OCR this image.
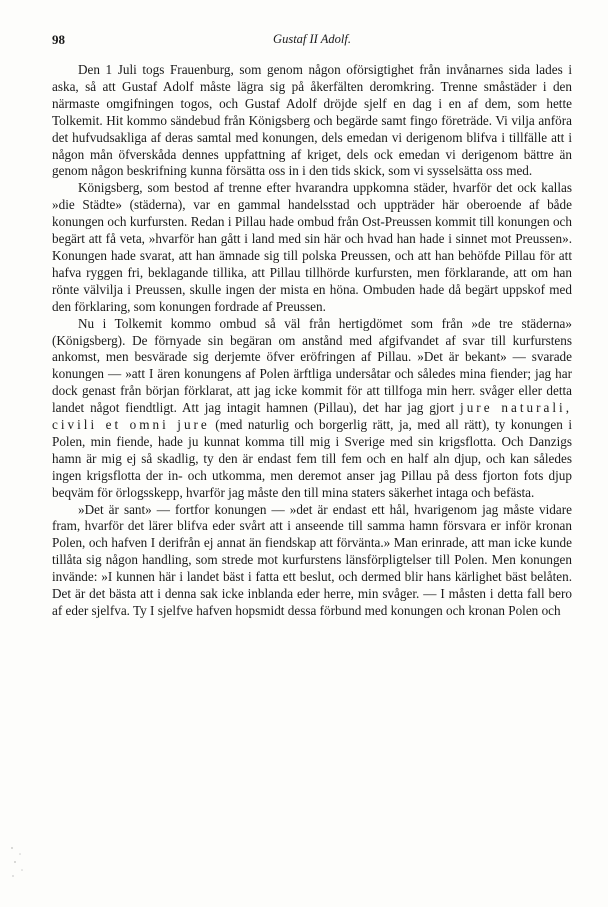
98	Gustaf II Adolf.

Den 1 Juli togs Frauenburg, som genom någon oförsigtighet från invånarnes sida lades i aska, så att Gustaf Adolf måste lägra sig på åkerfälten deromkring. Trenne småstäder i den närmaste omgifningen togos, och Gustaf Adolf dröjde sjelf en dag i en af dem, som hette Tolkemit. Hit kommo sändebud från Königsberg och begärde samt fingo företräde. Vi vilja anföra det hufvudsakliga af deras samtal med konungen, dels emedan vi derigenom blifva i tillfälle att i någon mån öfverskåda dennes uppfattning af kriget, dels ock emedan vi derigenom bättre än genom någon beskrifning kunna försätta oss in i den tids skick, som vi sysselsätta oss med.

Königsberg, som bestod af trenne efter hvarandra uppkomna städer, hvarför det ock kallas »die Städte» (städerna), var en gammal handelsstad och uppträder här oberoende af både konungen och kurfursten. Redan i Pillau hade ombud från Ost-Preussen kommit till konungen och begärt att få veta, »hvarför han gått i land med sin här och hvad han hade i sinnet mot Preussen». Konungen hade svarat, att han ämnade sig till polska Preussen, och att han behöfde Pillau för att hafva ryggen fri, beklagande tillika, att Pillau tillhörde kurfursten, men förklarande, att om han rönte välvilja i Preussen, skulle ingen der mista en höna. Ombuden hade då begärt uppskof med den förklaring, som konungen fordrade af Preussen.

Nu i Tolkemit kommo ombud så väl från hertigdömet som från »de tre städerna» (Königsberg). De förnyade sin begäran om anstånd med afgifvandet af svar till kurfurstens ankomst, men besvärade sig derjemte öfver eröfringen af Pillau. »Det är bekant» — svarade konungen — »att I ären konungens af Polen ärftliga undersåtar och således mina fiender; jag har dock genast från början förklarat, att jag icke kommit för att tillfoga min herr. svåger eller detta landet något fiendtligt. Att jag intagit hamnen (Pillau), det har jag gjort jure naturali, civili et omni jure (med naturlig och borgerlig rätt, ja, med all rätt), ty konungen i Polen, min fiende, hade ju kunnat komma till mig i Sverige med sin krigsflotta. Och Danzigs hamn är mig ej så skadlig, ty den är endast fem till fem och en half aln djup, och kan således ingen krigsflotta der in- och utkomma, men deremot anser jag Pillau på dess fjorton fots djup beqväm för örlogsskepp, hvarför jag måste den till mina staters säkerhet intaga och befästa.

»Det är sant» — fortfor konungen — »det är endast ett hål, hvarigenom jag måste vidare fram, hvarför det lärer blifva eder svårt att i anseende till samma hamn försvara er inför kronan Polen, och hafven I derifrån ej annat än fiendskap att förvänta.» Man erinrade, att man icke kunde tillåta sig någon handling, som strede mot kurfurstens länsförpligtelser till Polen. Men konungen invände: »I kunnen här i landet bäst i fatta ett beslut, och dermed blir hans kärlighet bäst belåten. Det är det bästa att i denna sak icke inblanda eder herre, min svåger. — I måsten i detta fall bero af eder sjelfva. Ty I sjelfve hafven hopsmidt dessa förbund med konungen och kronan Polen och
